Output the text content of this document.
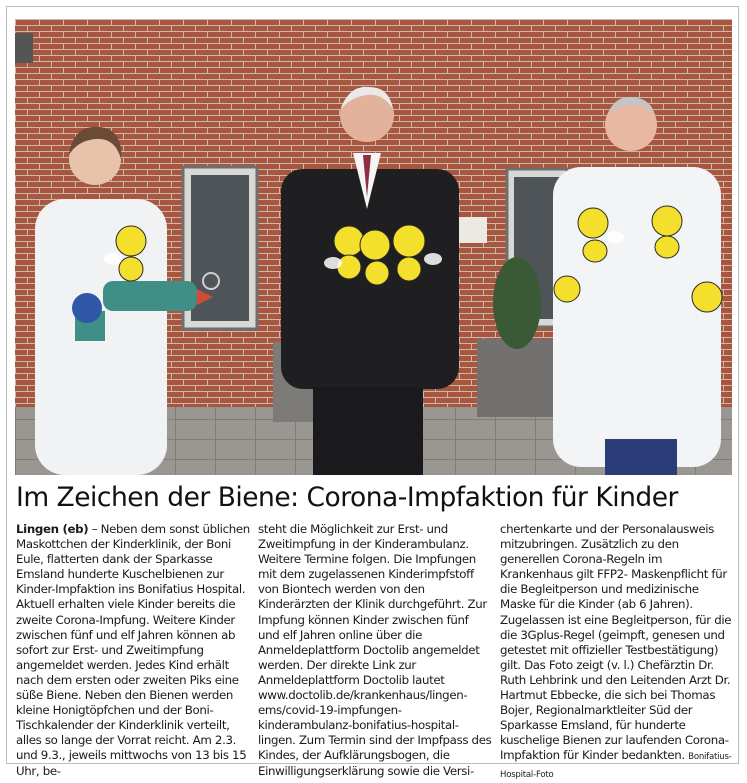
Im Zeichen der Biene: Corona-Impfaktion für Kinder

Lingen (eb) – Neben dem sonst üblichen Maskottchen der Kinderklinik, der Boni Eule, flatterten dank der Sparkasse Emsland hunderte Kuschelbienen zur Kinder-Impfaktion ins Bonifatius Hospital. Aktuell erhalten viele Kinder bereits die zweite Corona-Impfung. Weitere Kinder zwischen fünf und elf Jahren können ab sofort zur Erst- und Zweitimpfung angemeldet werden. Jedes Kind erhält nach dem ersten oder zweiten Piks eine süße Biene. Neben den Bienen werden kleine Honigtöpfchen und der Boni-Tischkalender der Kinderklinik verteilt, alles so lange der Vorrat reicht. Am 2.3. und 9.3., jeweils mittwochs von 13 bis 15 Uhr, be-

steht die Möglichkeit zur Erst- und Zweitimpfung in der Kinderambulanz. Weitere Termine folgen. Die Impfungen mit dem zugelassenen Kinderimpfstoff von Biontech werden von den Kinderärzten der Klinik durchgeführt. Zur Impfung können Kinder zwischen fünf und elf Jahren online über die Anmeldeplattform Doctolib angemeldet werden. Der direkte Link zur Anmeldeplattform Doctolib lautet www.doctolib.de/krankenhaus/lingen-ems/covid-19-impfungen-kinderambulanz-bonifatius-hospital-lingen. Zum Termin sind der Impfpass des Kindes, der Aufklärungsbogen, die Einwilligungserklärung sowie die Versi-

chertenkarte und der Personalausweis mitzubringen. Zusätzlich zu den generellen Corona-Regeln im Krankenhaus gilt FFP2- Maskenpflicht für die Begleitperson und medizinische Maske für die Kinder (ab 6 Jahren). Zugelassen ist eine Begleitperson, für die die 3Gplus-Regel (geimpft, genesen und getestet mit offizieller Testbestätigung) gilt. Das Foto zeigt (v. l.) Chefärztin Dr. Ruth Lehbrink und den Leitenden Arzt Dr. Hartmut Ebbecke, die sich bei Thomas Bojer, Regionalmarktleiter Süd der Sparkasse Emsland, für hunderte kuschelige Bienen zur laufenden Corona-Impfaktion für Kinder bedankten. Bonifatius-Hospital-Foto
